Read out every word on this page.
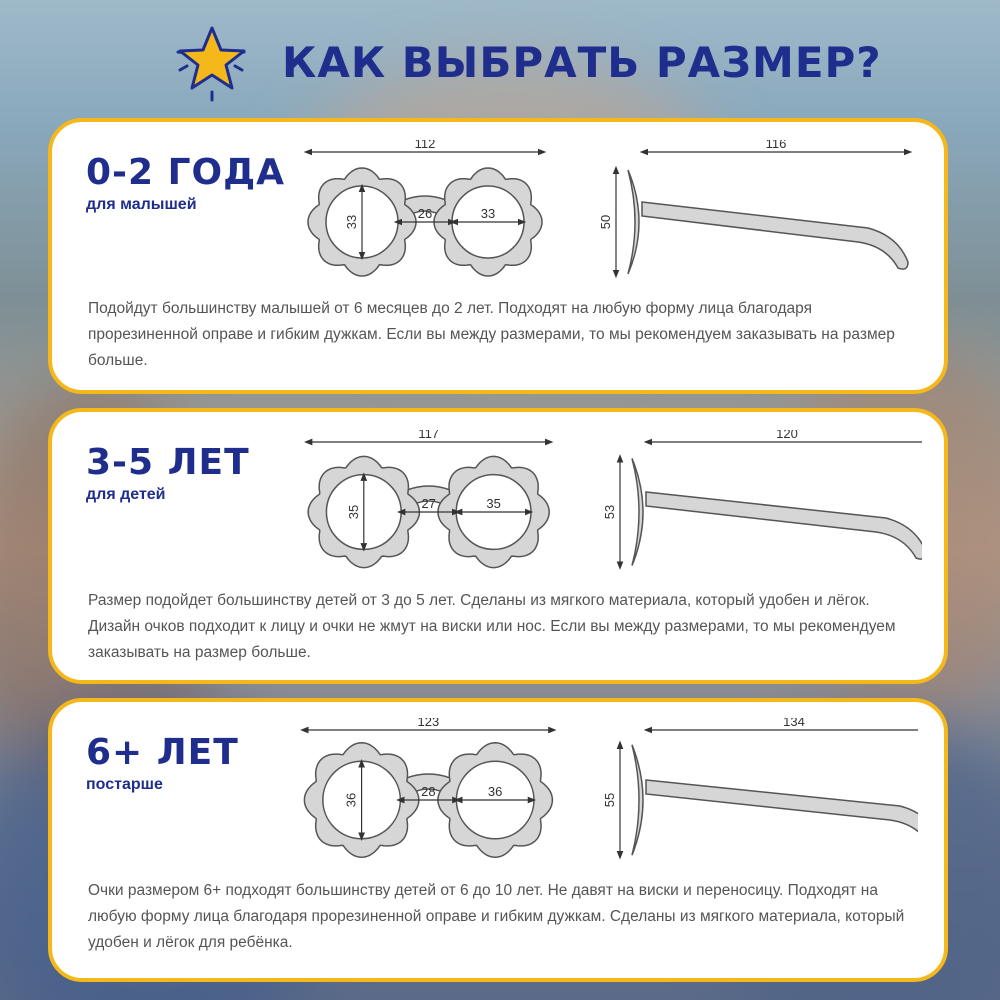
КАК ВЫБРАТЬ РАЗМЕР?
0-2 ГОДА
для малышей
112
33
33
26
50
116
Подойдут большинству малышей от 6 месяцев до 2 лет. Подходят на любую форму лица благодаря прорезиненной оправе и гибким дужкам. Если вы между размерами, то мы рекомендуем заказывать на размер больше.
3-5 ЛЕТ
для детей
117
35
35
27
53
120
Размер подойдет большинству детей от 3 до 5 лет. Сделаны из мягкого материала, который удобен и лёгок. Дизайн очков подходит к лицу и очки не жмут на виски или нос. Если вы между размерами, то мы рекомендуем заказывать на размер больше.
6+ ЛЕТ
постарше
123
36
36
28
55
134
Очки размером 6+ подходят большинству детей от 6 до 10 лет. Не давят на виски и переносицу. Подходят на любую форму лица благодаря прорезиненной оправе и гибким дужкам. Сделаны из мягкого материала, который удобен и лёгок для ребёнка.
